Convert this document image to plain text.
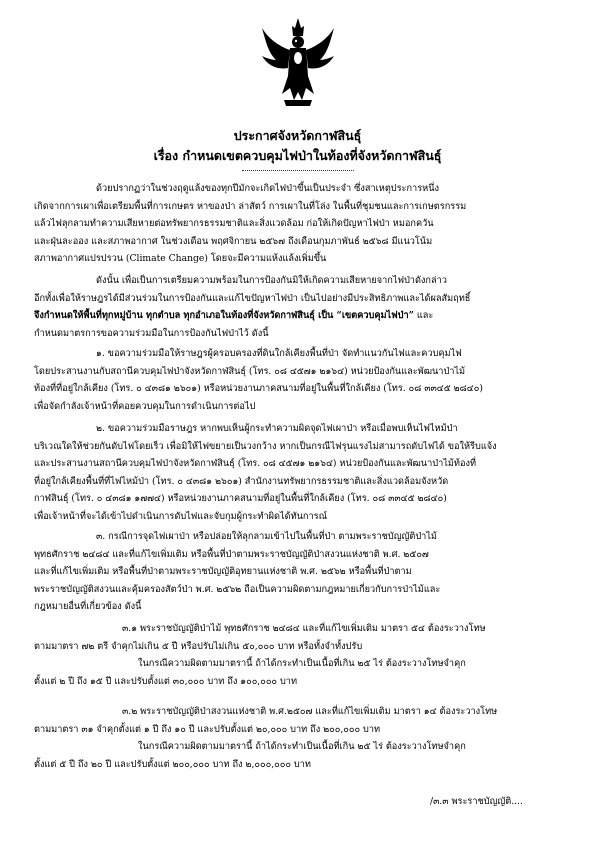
ประกาศจังหวัดกาฬสินธุ์
เรื่อง กำหนดเขตควบคุมไฟป่าในท้องที่จังหวัดกาฬสินธุ์
ด้วยปรากฏว่าในช่วงฤดูแล้งของทุกปีมักจะเกิดไฟป่าขึ้นเป็นประจำ ซึ่งสาเหตุประการหนึ่ง
เกิดจากการเผาเพื่อเตรียมพื้นที่การเกษตร หาของป่า ล่าสัตว์ การเผาในที่โล่ง ในพื้นที่ชุมชนและการเกษตรกรรม
แล้วไฟลุกลามทำความเสียหายต่อทรัพยากรธรรมชาติและสิ่งแวดล้อม ก่อให้เกิดปัญหาไฟป่า หมอกควัน
และฝุ่นละออง และสภาพอากาศ ในช่วงเดือน พฤศจิกายน ๒๕๖๗ ถึงเดือนกุมภาพันธ์ ๒๕๖๘ มีแนวโน้ม
สภาพอากาศแปรปรวน (Climate Change) โดยจะมีความแห้งแล้งเพิ่มขึ้น
ดังนั้น เพื่อเป็นการเตรียมความพร้อมในการป้องกันมิให้เกิดความเสียหายจากไฟป่าดังกล่าว
อีกทั้งเพื่อให้ราษฎรได้มีส่วนร่วมในการป้องกันและแก้ไขปัญหาไฟป่า เป็นไปอย่างมีประสิทธิภาพและได้ผลสัมฤทธิ์
จึงกำหนดให้พื้นที่ทุกหมู่บ้าน ทุกตำบล ทุกอำเภอในท้องที่จังหวัดกาฬสินธุ์ เป็น “เขตควบคุมไฟป่า” และ
กำหนดมาตรการขอความร่วมมือในการป้องกันไฟป่าไว้ ดังนี้
๑. ขอความร่วมมือให้ราษฎรผู้ครอบครองที่ดินใกล้เคียงพื้นที่ป่า จัดทำแนวกันไฟและควบคุมไฟ
โดยประสานงานกับสถานีควบคุมไฟป่าจังหวัดกาฬสินธุ์ (โทร. ๐๘ ๔๕๗๑ ๒๑๖๔) หน่วยป้องกันและพัฒนาป่าไม้
ท้องที่ที่อยู่ใกล้เคียง (โทร. ๐ ๔๓๘๑ ๒๖๐๑) หรือหน่วยงานภาคสนามที่อยู่ในพื้นที่ใกล้เคียง (โทร. ๐๘ ๓๓๔๕ ๒๘๔๐)
เพื่อจัดกำลังเจ้าหน้าที่คอยควบคุมในการดำเนินการต่อไป
๒. ขอความร่วมมือราษฎร หากพบเห็นผู้กระทำความผิดจุดไฟเผาป่า หรือเมื่อพบเห็นไฟไหม้ป่า
บริเวณใดให้ช่วยกันดับไฟโดยเร็ว เพื่อมิให้ไฟขยายเป็นวงกว้าง หากเป็นกรณีไฟรุนแรงไม่สามารถดับไฟได้ ขอให้รีบแจ้ง
และประสานงานสถานีควบคุมไฟป่าจังหวัดกาฬสินธุ์ (โทร. ๐๘ ๔๕๗๑ ๒๑๖๔) หน่วยป้องกันและพัฒนาป่าไม้ท้องที่
ที่อยู่ใกล้เคียงพื้นที่ที่ไฟไหม้ป่า (โทร. ๐ ๔๓๘๑ ๒๖๐๑) สำนักงานทรัพยากรธรรมชาติและสิ่งแวดล้อมจังหวัด
กาฬสินธุ์ (โทร. ๐ ๔๓๘๑ ๑๗๗๔) หรือหน่วยงานภาคสนามที่อยู่ในพื้นที่ใกล้เคียง (โทร. ๐๘ ๓๓๔๕ ๒๘๔๐)
เพื่อเจ้าหน้าที่จะได้เข้าไปดำเนินการดับไฟและจับกุมผู้กระทำผิดได้ทันการณ์
๓. กรณีการจุดไฟเผาป่า หรือปล่อยให้ลุกลามเข้าไปในพื้นที่ป่า ตามพระราชบัญญัติป่าไม้
พุทธศักราช ๒๔๘๔ และที่แก้ไขเพิ่มเติม หรือพื้นที่ป่าตามพระราชบัญญัติป่าสงวนแห่งชาติ พ.ศ. ๒๕๐๗
และที่แก้ไขเพิ่มเติม หรือพื้นที่ป่าตามพระราชบัญญัติอุทยานแห่งชาติ พ.ศ. ๒๕๖๒ หรือพื้นที่ป่าตาม
พระราชบัญญัติสงวนและคุ้มครองสัตว์ป่า พ.ศ. ๒๕๖๒ ถือเป็นความผิดตามกฎหมายเกี่ยวกับการป่าไม้และ
กฎหมายอื่นที่เกี่ยวข้อง ดังนี้
๓.๑ พระราชบัญญัติป่าไม้ พุทธศักราช ๒๔๘๔ และที่แก้ไขเพิ่มเติม มาตรา ๕๔ ต้องระวางโทษ
ตามมาตรา ๗๒ ตรี จำคุกไม่เกิน ๕ ปี หรือปรับไม่เกิน ๕๐,๐๐๐ บาท หรือทั้งจำทั้งปรับ
ในกรณีความผิดตามมาตรานี้ ถ้าได้กระทำเป็นเนื้อที่เกิน ๒๕ ไร่ ต้องระวางโทษจำคุก
ตั้งแต่ ๒ ปี ถึง ๑๕ ปี และปรับตั้งแต่ ๓๐,๐๐๐ บาท ถึง ๑๐๐,๐๐๐ บาท
๓.๒ พระราชบัญญัติป่าสงวนแห่งชาติ พ.ศ.๒๕๐๗ และที่แก้ไขเพิ่มเติม มาตรา ๑๔ ต้องระวางโทษ
ตามมาตรา ๓๑ จำคุกตั้งแต่ ๑ ปี ถึง ๑๐ ปี และปรับตั้งแต่ ๒๐,๐๐๐ บาท ถึง ๒๐๐,๐๐๐ บาท
ในกรณีความผิดตามมาตรานี้ ถ้าได้กระทำเป็นเนื้อที่เกิน ๒๕ ไร่ ต้องระวางโทษจำคุก
ตั้งแต่ ๕ ปี ถึง ๒๐ ปี และปรับตั้งแต่ ๒๐๐,๐๐๐ บาท ถึง ๒,๐๐๐,๐๐๐ บาท
/๓.๓ พระราชบัญญัติ....
